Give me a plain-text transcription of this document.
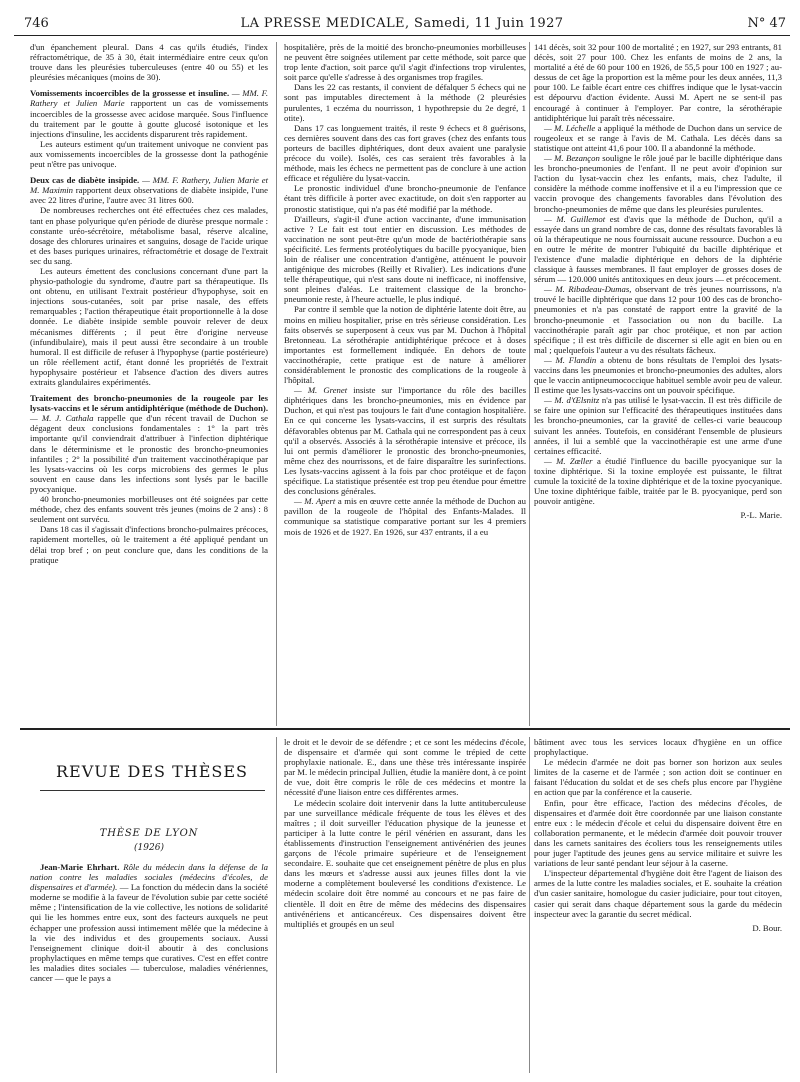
746	LA PRESSE MEDICALE, Samedi, 11 Juin 1927	N° 47

d'un épanchement pleural. Dans 4 cas qu'ils étudiés, l'index réfractométrique, de 35 à 30, était intermédiaire entre ceux qu'on trouve dans les pleurésies tuberculeuses (entre 40 ou 55) et les pleurésies mécaniques (moins de 30).

Vomissements incoercibles de la grossesse et insuline. — MM. F. Rathery et Julien Marie rapportent un cas de vomissements incoercibles de la grossesse avec acidose marquée. Sous l'influence du traitement par le goutte à goutte glucosé isotonique et les injections d'insuline, les accidents disparurent très rapidement.

Les auteurs estiment qu'un traitement univoque ne convient pas aux vomissements incoercibles de la grossesse dont la pathogénie peut n'être pas univoque.

Deux cas de diabète insipide. — MM. F. Rathery, Julien Marie et M. Maximin rapportent deux observations de diabète insipide, l'une avec 22 litres d'urine, l'autre avec 31 litres 600.

De nombreuses recherches ont été effectuées chez ces malades, tant en phase polyurique qu'en période de diurèse presque normale : constante uréo-sécrétoire, métabolisme basal, réserve alcaline, dosage des chlorures urinaires et sanguins, dosage de l'acide urique et des bases puriques urinaires, réfractométrie et dosage de l'extrait sec du sang.

Les auteurs émettent des conclusions concernant d'une part la physio-pathologie du syndrome, d'autre part sa thérapeutique. Ils ont obtenu, en utilisant l'extrait postérieur d'hypophyse, soit en injections sous-cutanées, soit par prise nasale, des effets remarquables ; l'action thérapeutique était proportionnelle à la dose donnée. Le diabète insipide semble pouvoir relever de deux mécanismes différents ; il peut être d'origine nerveuse (infundibulaire), mais il peut aussi être secondaire à un trouble humoral. Il est difficile de refuser à l'hypophyse (partie postérieure) un rôle réellement actif, étant donné les propriétés de l'extrait hypophysaire postérieur et l'absence d'action des divers autres extraits glandulaires expérimentés.

Traitement des broncho-pneumonies de la rougeole par les lysats-vaccins et le sérum antidiphtérique (méthode de Duchon). — M. J. Cathala rappelle que d'un récent travail de Duchon se dégagent deux conclusions fondamentales : 1° la part très importante qu'il conviendrait d'attribuer à l'infection diphtérique dans le déterminisme et le pronostic des broncho-pneumonies infantiles ; 2° la possibilité d'un traitement vaccinothérapique par les lysats-vaccins où les corps microbiens des germes le plus souvent en cause dans les infections sont lysés par le bacille pyocyanique.

40 broncho-pneumonies morbilleuses ont été soignées par cette méthode, chez des enfants souvent très jeunes (moins de 2 ans) : 8 seulement ont survécu.

Dans 18 cas il s'agissait d'infections broncho-pulmaires précoces, rapidement mortelles, où le traitement a été appliqué pendant un délai trop bref ; on peut conclure que, dans les conditions de la pratique

hospitalière, près de la moitié des broncho-pneumonies morbilleuses ne peuvent être soignées utilement par cette méthode, soit parce que trop lente d'action, soit parce qu'il s'agit d'infections trop virulentes, soit parce qu'elle s'adresse à des organismes trop fragiles.

Dans les 22 cas restants, il convient de défalquer 5 échecs qui ne sont pas imputables directement à la méthode (2 pleurésies purulentes, 1 eczéma du nourrisson, 1 hypothrepsie du 2e degré, 1 otite).

Dans 17 cas longuement traités, il reste 9 échecs et 8 guérisons, ces dernières souvent dans des cas fort graves (chez des enfants tous porteurs de bacilles diphtériques, dont deux avaient une paralysie précoce du voile). Isolés, ces cas seraient très favorables à la méthode, mais les échecs ne permettent pas de conclure à une action efficace et régulière du lysat-vaccin.

Le pronostic individuel d'une broncho-pneumonie de l'enfance étant très difficile à porter avec exactitude, on doit s'en rapporter au pronostic statistique, qui n'a pas été modifié par la méthode.

D'ailleurs, s'agit-il d'une action vaccinante, d'une immunisation active ? Le fait est tout entier en discussion. Les méthodes de vaccination ne sont peut-être qu'un mode de bactériothérapie sans spécificité. Les ferments protéolytiques du bacille pyocyanique, bien loin de réaliser une concentration d'antigène, atténuent le pouvoir antigénique des microbes (Reilly et Rivalier). Les indications d'une telle thérapeutique, qui n'est sans doute ni inefficace, ni inoffensive, sont pleines d'aléas. Le traitement classique de la broncho-pneumonie reste, à l'heure actuelle, le plus indiqué.

Par contre il semble que la notion de diphtérie latente doit être, au moins en milieu hospitalier, prise en très sérieuse considération. Les faits observés se superposent à ceux vus par M. Duchon à l'hôpital Bretonneau. La sérothérapie antidiphtérique précoce et à doses importantes est formellement indiquée. En dehors de toute vaccinothérapie, cette pratique est de nature à améliorer considérablement le pronostic des complications de la rougeole à l'hôpital.

— M. Grenet insiste sur l'importance du rôle des bacilles diphtériques dans les broncho-pneumonies, mis en évidence par Duchon, et qui n'est pas toujours le fait d'une contagion hospitalière. En ce qui concerne les lysats-vaccins, il est surpris des résultats défavorables obtenus par M. Cathala qui ne correspondent pas à ceux qu'il a observés. Associés à la sérothérapie intensive et précoce, ils lui ont permis d'améliorer le pronostic des broncho-pneumonies, même chez des nourrissons, et de faire disparaître les surinfections. Les lysats-vaccins agissent à la fois par choc protéique et de façon spécifique. La statistique présentée est trop peu étendue pour émettre des conclusions générales.

— M. Apert a mis en œuvre cette année la méthode de Duchon au pavillon de la rougeole de l'hôpital des Enfants-Malades. Il communique sa statistique comparative portant sur les 4 premiers mois de 1926 et de 1927. En 1926, sur 437 entrants, il a eu

141 décès, soit 32 pour 100 de mortalité ; en 1927, sur 293 entrants, 81 décès, soit 27 pour 100. Chez les enfants de moins de 2 ans, la mortalité a été de 60 pour 100 en 1926, de 55,5 pour 100 en 1927 ; au-dessus de cet âge la proportion est la même pour les deux années, 11,3 pour 100. Le faible écart entre ces chiffres indique que le lysat-vaccin est dépourvu d'action évidente. Aussi M. Apert ne se sent-il pas encouragé à continuer à l'employer. Par contre, la sérothérapie antidiphtérique lui paraît très nécessaire.

— M. Léchelle a appliqué la méthode de Duchon dans un service de rougeoleux et se range à l'avis de M. Cathala. Les décès dans sa statistique ont atteint 41,6 pour 100. Il a abandonné la méthode.

— M. Bezançon souligne le rôle joué par le bacille diphtérique dans les broncho-pneumonies de l'enfant. Il ne peut avoir d'opinion sur l'action du lysat-vaccin chez les enfants, mais, chez l'adulte, il considère la méthode comme inoffensive et il a eu l'impression que ce vaccin provoque des changements favorables dans l'évolution des broncho-pneumonies de même que dans les pleurésies purulentes.

— M. Guillemot est d'avis que la méthode de Duchon, qu'il a essayée dans un grand nombre de cas, donne des résultats favorables là où la thérapeutique ne nous fournissait aucune ressource. Duchon a eu en outre le mérite de montrer l'ubiquité du bacille diphtérique et l'existence d'une maladie diphtérique en dehors de la diphtérie classique à fausses membranes. Il faut employer de grosses doses de sérum — 120.000 unités antitoxiques en deux jours — et précocement.

— M. Ribadeau-Dumas, observant de très jeunes nourrissons, n'a trouvé le bacille diphtérique que dans 12 pour 100 des cas de broncho-pneumonies et n'a pas constaté de rapport entre la gravité de la broncho-pneumonie et l'association ou non du bacille. La vaccinothérapie paraît agir par choc protéique, et non par action spécifique ; il est très difficile de discerner si elle agit en bien ou en mal ; quelquefois l'auteur a vu des résultats fâcheux.

— M. Flandin a obtenu de bons résultats de l'emploi des lysats-vaccins dans les pneumonies et broncho-pneumonies des adultes, alors que le vaccin antipneumococcique habituel semble avoir peu de valeur. Il estime que les lysats-vaccins ont un pouvoir spécifique.

— M. d'Œlsnitz n'a pas utilisé le lysat-vaccin. Il est très difficile de se faire une opinion sur l'efficacité des thérapeutiques instituées dans les broncho-pneumonies, car la gravité de celles-ci varie beaucoup suivant les années. Toutefois, en considérant l'ensemble de plusieurs années, il lui a semblé que la vaccinothérapie est une arme d'une certaines efficacité.

— M. Zœller a étudié l'influence du bacille pyocyanique sur la toxine diphtérique. Si la toxine employée est puissante, le filtrat cumule la toxicité de la toxine diphtérique et de la toxine pyocyanique. Une toxine diphtérique faible, traitée par le B. pyocyanique, perd son pouvoir antigène.

P.-L. Marie.
REVUE DES THÈSES
THÈSE DE LYON
(1926)

Jean-Marie Ehrhart. Rôle du médecin dans la défense de la nation contre les maladies sociales (médecins d'écoles, de dispensaires et d'armée). — La fonction du médecin dans la société moderne se modifie à la faveur de l'évolution subie par cette société même ; l'intensification de la vie collective, les notions de solidarité qui lie les hommes entre eux, sont des facteurs auxquels ne peut échapper une profession aussi intimement mêlée que la médecine à la vie des individus et des groupements sociaux. Aussi l'enseignement clinique doit-il aboutir à des conclusions prophylactiques en même temps que curatives. C'est en effet contre les maladies dites sociales — tuberculose, maladies vénériennes, cancer — que le pays a

le droit et le devoir de se défendre ; et ce sont les médecins d'école, de dispensaire et d'armée qui sont comme le trépied de cette prophylaxie nationale. E., dans une thèse très intéressante inspirée par M. le médecin principal Jullien, étudie la manière dont, à ce point de vue, doit être compris le rôle de ces médecins et montre la nécessité d'une liaison entre ces différentes armes.

Le médecin scolaire doit intervenir dans la lutte antituberculeuse par une surveillance médicale fréquente de tous les élèves et des maîtres ; il doit surveiller l'éducation physique de la jeunesse et participer à la lutte contre le péril vénérien en assurant, dans les établissements d'instruction l'enseignement antivénérien des jeunes garçons de l'école primaire supérieure et de l'enseignement secondaire. E. souhaite que cet enseignement pénètre de plus en plus dans les mœurs et s'adresse aussi aux jeunes filles dont la vie moderne a complètement bouleversé les conditions d'existence. Le médecin scolaire doit être nommé au concours et ne pas faire de clientèle. Il doit en être de même des médecins des dispensaires antivénériens et anticancéreux. Ces dispensaires doivent être multipliés et groupés en un seul

bâtiment avec tous les services locaux d'hygiène en un office prophylactique.

Le médecin d'armée ne doit pas borner son horizon aux seules limites de la caserne et de l'armée ; son action doit se continuer en faisant l'éducation du soldat et de ses chefs plus encore par l'hygiène en action que par la conférence et la causerie.

Enfin, pour être efficace, l'action des médecins d'écoles, de dispensaires et d'armée doit être coordonnée par une liaison constante entre eux : le médecin d'école et celui du dispensaire doivent être en collaboration permanente, et le médecin d'armée doit pouvoir trouver dans les carnets sanitaires des écoliers tous les renseignements utiles pour juger l'aptitude des jeunes gens au service militaire et suivre les variations de leur santé pendant leur séjour à la caserne.

L'inspecteur départemental d'hygiène doit être l'agent de liaison des armes de la lutte contre les maladies sociales, et E. souhaite la création d'un casier sanitaire, homologue du casier judiciaire, pour tout citoyen, casier qui serait dans chaque département sous la garde du médecin inspecteur avec la garantie du secret médical.

D. Bour.
